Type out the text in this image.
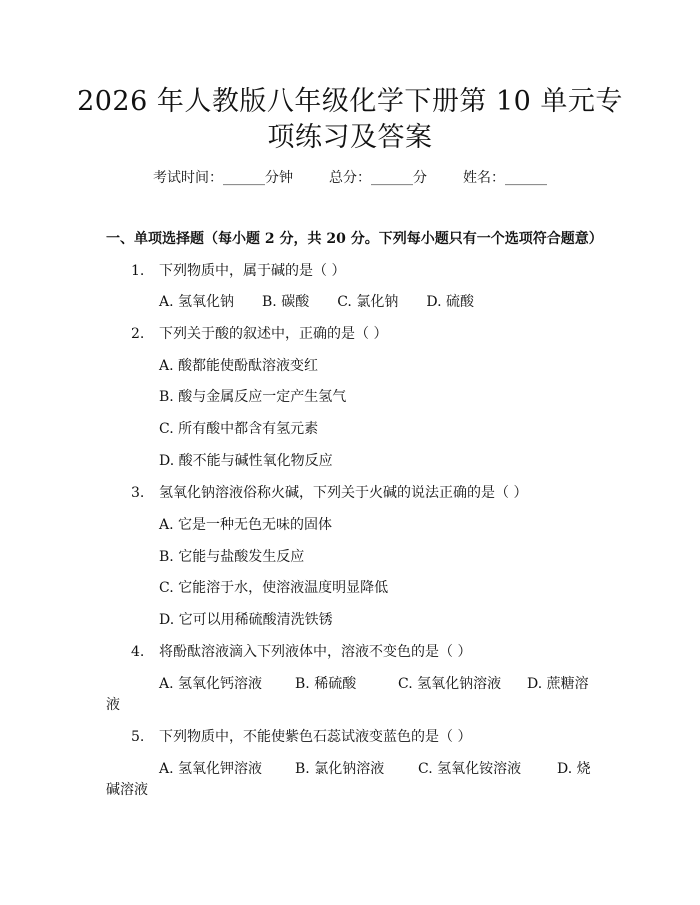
2026 年人教版八年级化学下册第 10 单元专
项练习及答案
考试时间：______分钟	总分：______分	姓名：______
一、单项选择题（每小题 2 分，共 20 分。下列每小题只有一个选项符合题意）
1. 下列物质中，属于碱的是（ ）
A. 氢氧化钠 B. 碳酸 C. 氯化钠 D. 硫酸
2. 下列关于酸的叙述中，正确的是（ ）
A. 酸都能使酚酞溶液变红
B. 酸与金属反应一定产生氢气
C. 所有酸中都含有氢元素
D. 酸不能与碱性氧化物反应
3. 氢氧化钠溶液俗称火碱，下列关于火碱的说法正确的是（ ）
A. 它是一种无色无味的固体
B. 它能与盐酸发生反应
C. 它能溶于水，使溶液温度明显降低
D. 它可以用稀硫酸清洗铁锈
4. 将酚酞溶液滴入下列液体中，溶液不变色的是（ ）
A. 氢氧化钙溶液 B. 稀硫酸	C. 氢氧化钠溶液 D. 蔗糖溶
液
5. 下列物质中，不能使紫色石蕊试液变蓝色的是（ ）
A. 氢氧化钾溶液 B. 氯化钠溶液 C. 氢氧化铵溶液	D. 烧
碱溶液
